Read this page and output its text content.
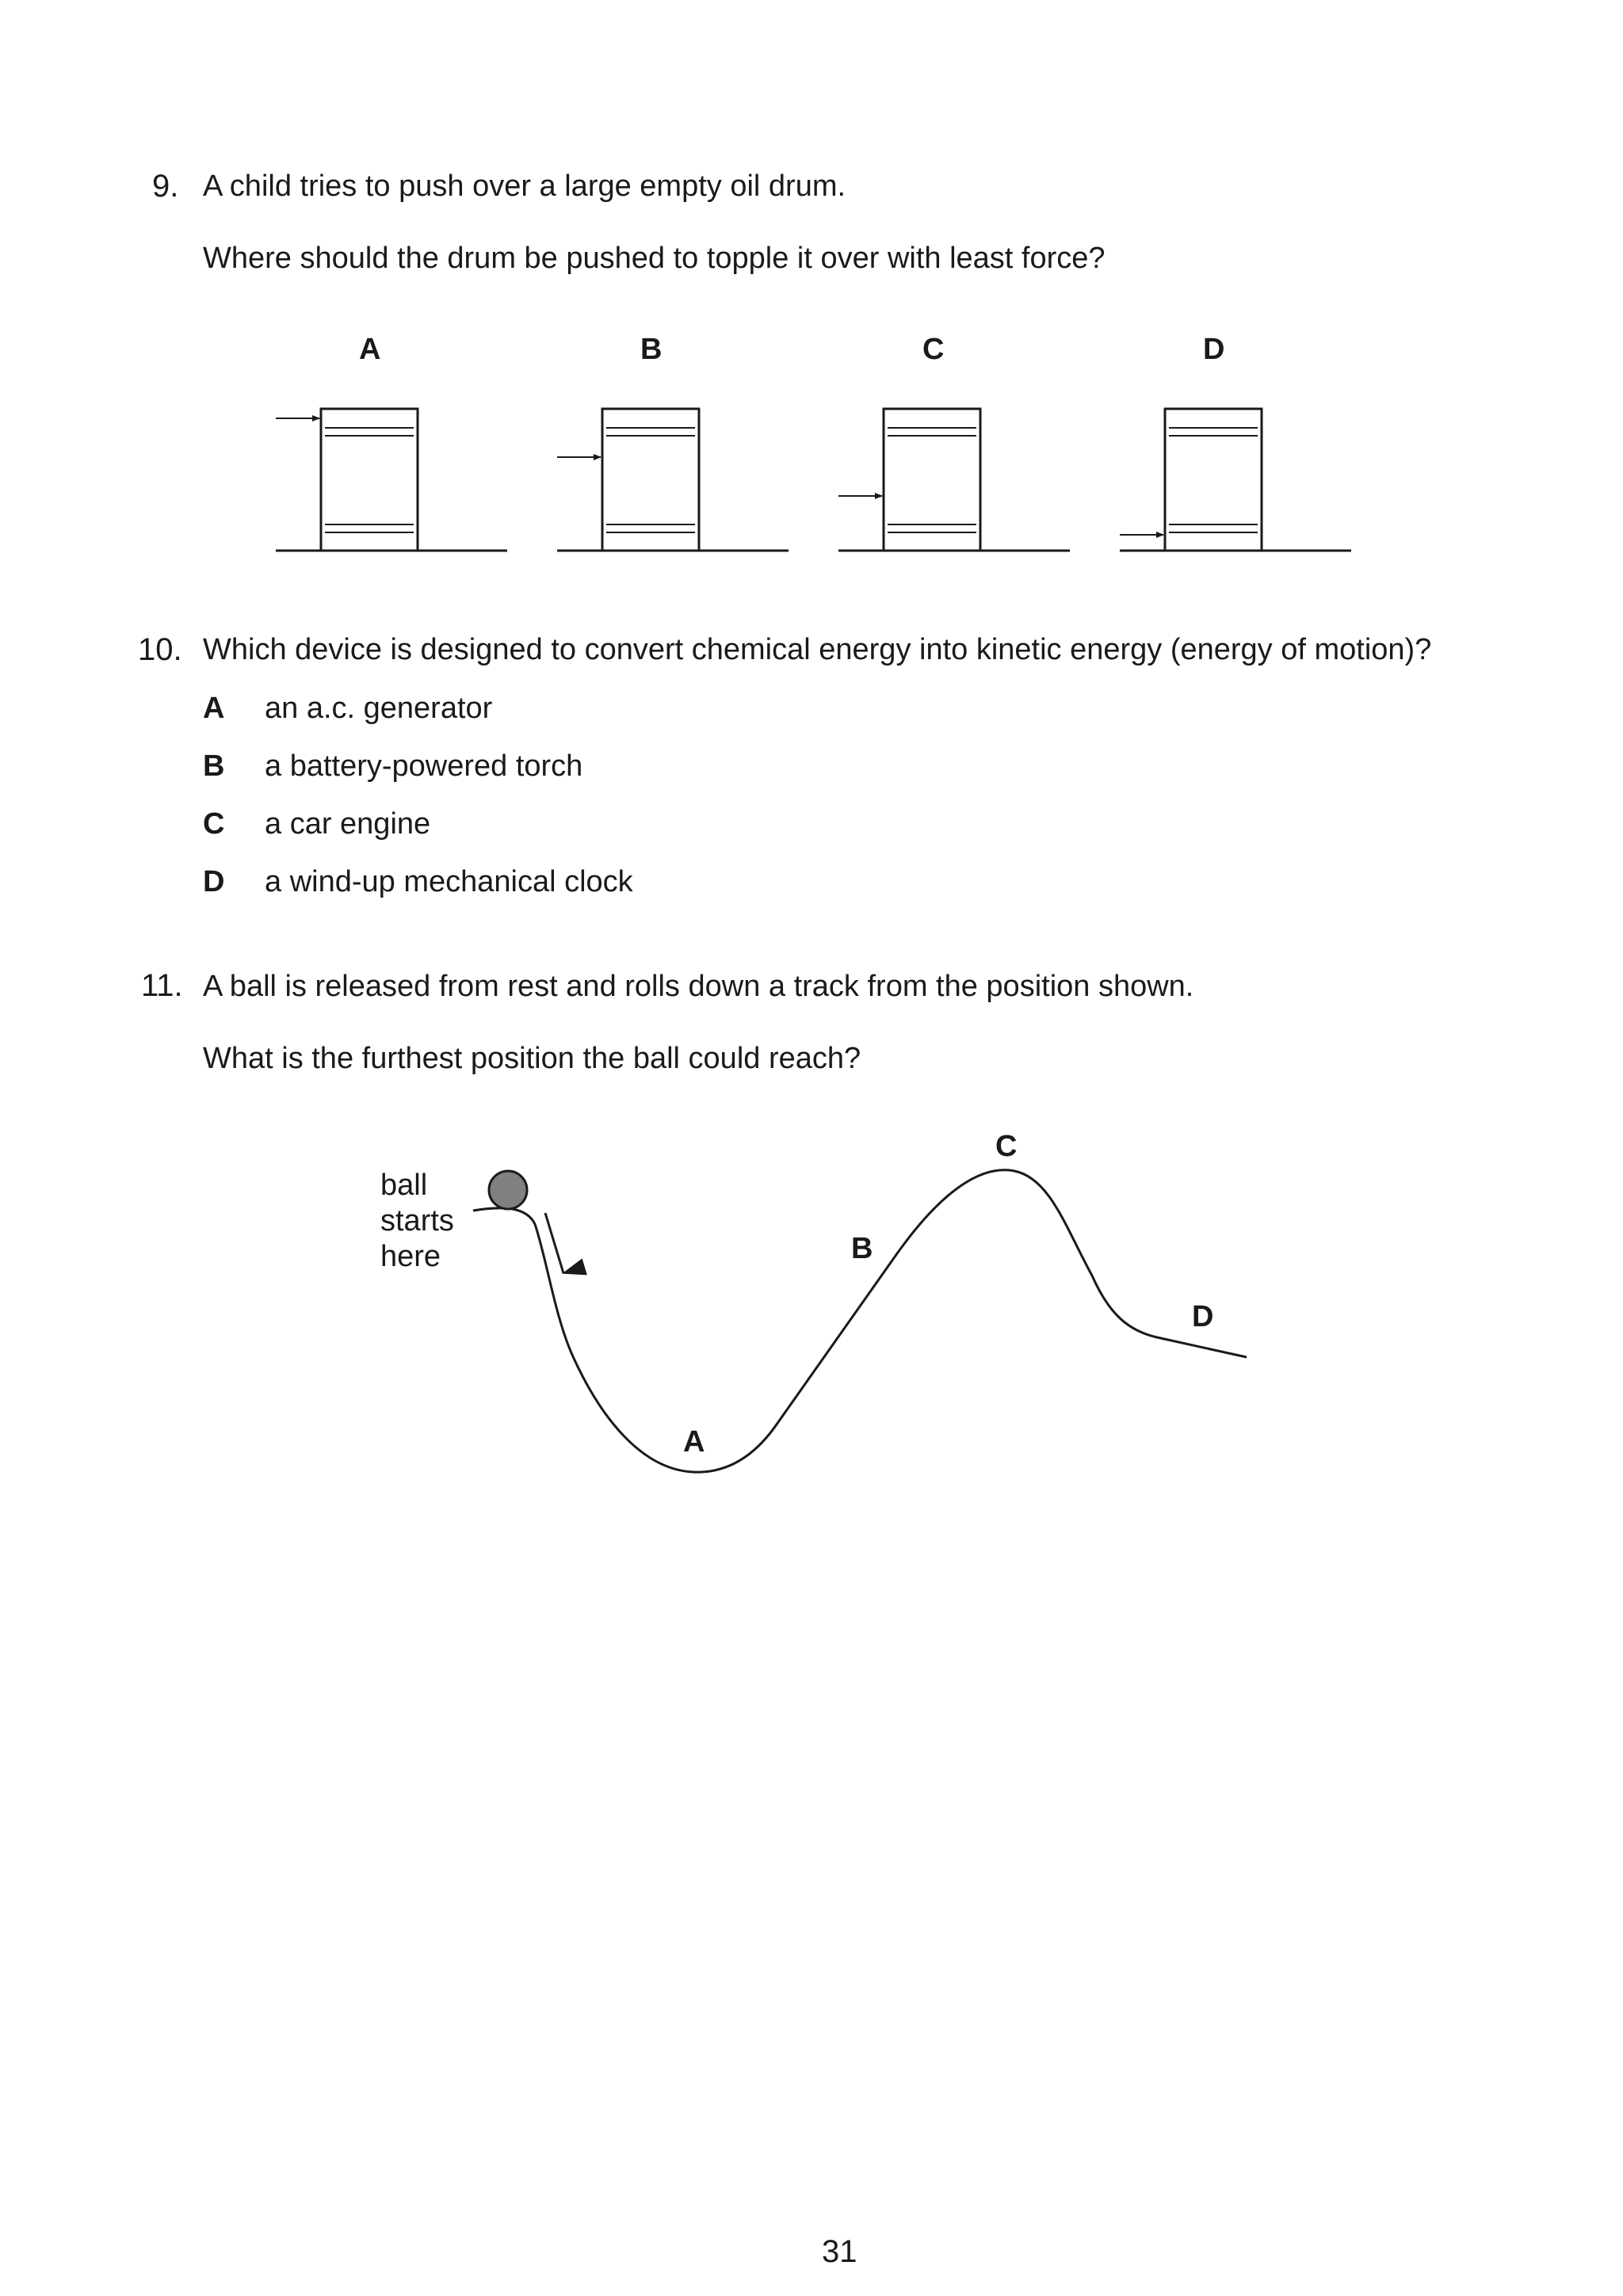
9. A child tries to push over a large empty oil drum.
Where should the drum be pushed to topple it over with least force?
A	B	C	D
10. Which device is designed to convert chemical energy into kinetic energy (energy of motion)?
A an a.c. generator
B a battery-powered torch
C a car engine
D a wind-up mechanical clock
11. A ball is released from rest and rolls down a track from the position shown.
What is the furthest position the ball could reach?
ball
starts
here
A
B
C
D
31
